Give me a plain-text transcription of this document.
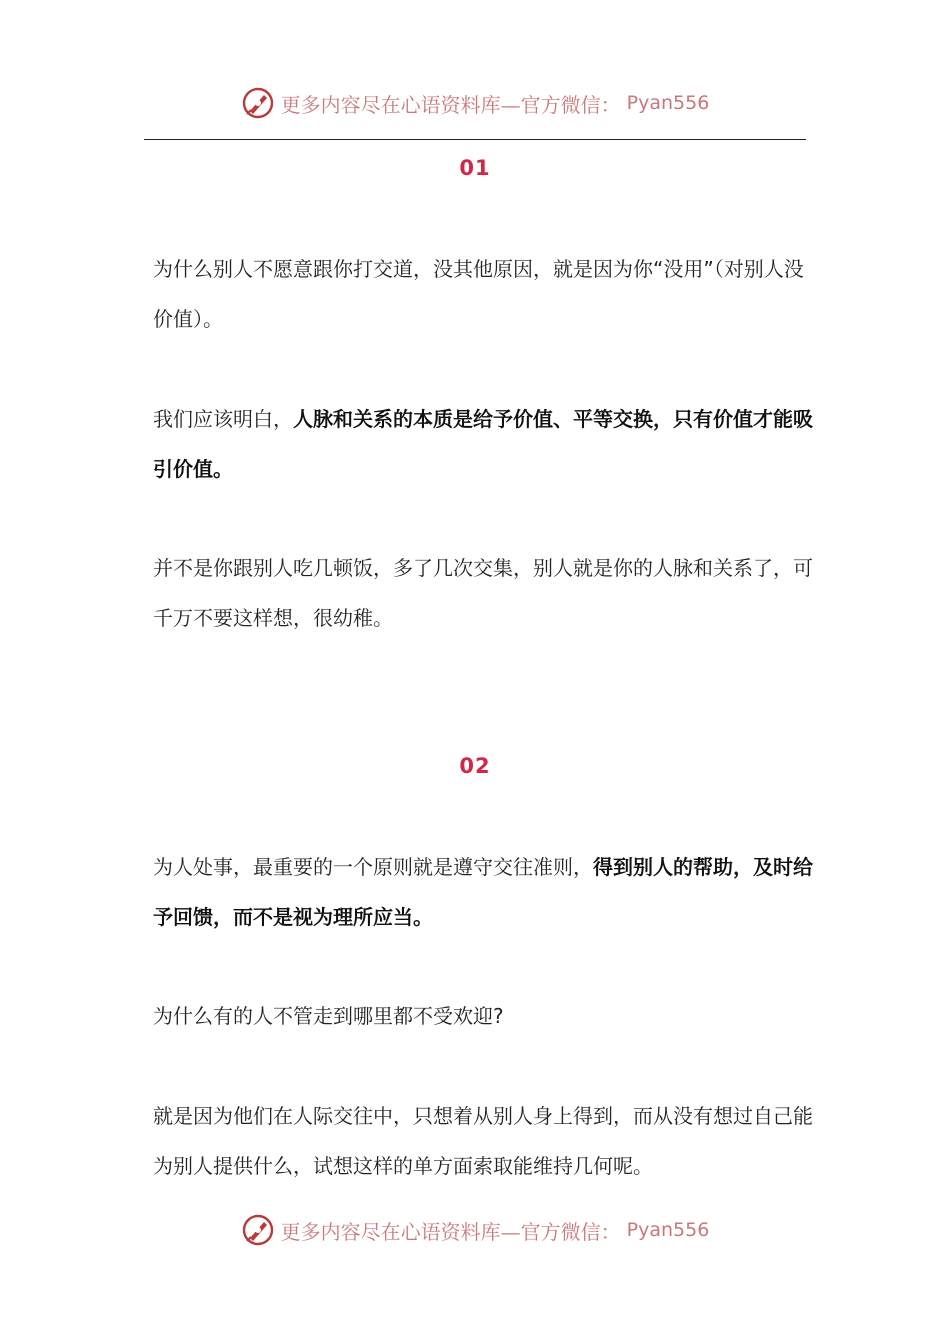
更多内容尽在心语资料库—官方微信： Pyan556
01

为什么别人不愿意跟你打交道，没其他原因，就是因为你“没用”（对别人没价值）。

我们应该明白，人脉和关系的本质是给予价值、平等交换，只有价值才能吸引价值。

并不是你跟别人吃几顿饭，多了几次交集，别人就是你的人脉和关系了，可千万不要这样想，很幼稚。

02

为人处事，最重要的一个原则就是遵守交往准则，得到别人的帮助，及时给予回馈，而不是视为理所应当。

为什么有的人不管走到哪里都不受欢迎?

就是因为他们在人际交往中，只想着从别人身上得到，而从没有想过自己能为别人提供什么，试想这样的单方面索取能维持几何呢。

更多内容尽在心语资料库—官方微信： Pyan556
